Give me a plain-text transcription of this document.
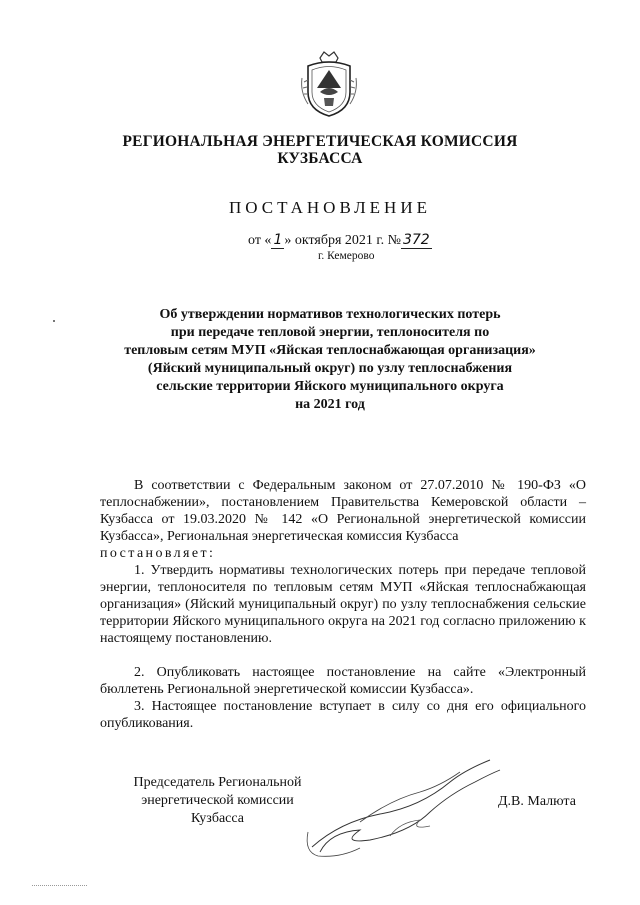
РЕГИОНАЛЬНАЯ ЭНЕРГЕТИЧЕСКАЯ КОМИССИЯ
КУЗБАССА
ПОСТАНОВЛЕНИЕ
от « 1 » октября 2021 г. № 372
г. Кемерово
Об утверждении нормативов технологических потерь
при передаче тепловой энергии, теплоносителя по
тепловым сетям МУП «Яйская теплоснабжающая организация»
(Яйский муниципальный округ) по узлу теплоснабжения
сельские территории Яйского муниципального округа
на 2021 год
В соответствии с Федеральным законом от 27.07.2010 № 190-ФЗ «О теплоснабжении», постановлением Правительства Кемеровской области – Кузбасса от 19.03.2020 № 142 «О Региональной энергетической комиссии Кузбасса», Региональная энергетическая комиссия Кузбасса
постановляет:
1. Утвердить нормативы технологических потерь при передаче тепловой энергии, теплоносителя по тепловым сетям МУП «Яйская теплоснабжающая организация» (Яйский муниципальный округ) по узлу теплоснабжения сельские территории Яйского муниципального округа на 2021 год согласно приложению к настоящему постановлению.
2. Опубликовать настоящее постановление на сайте «Электронный бюллетень Региональной энергетической комиссии Кузбасса».
3. Настоящее постановление вступает в силу со дня его официального опубликования.
Председатель Региональной
энергетической комиссии Кузбасса
Д.В. Малюта
